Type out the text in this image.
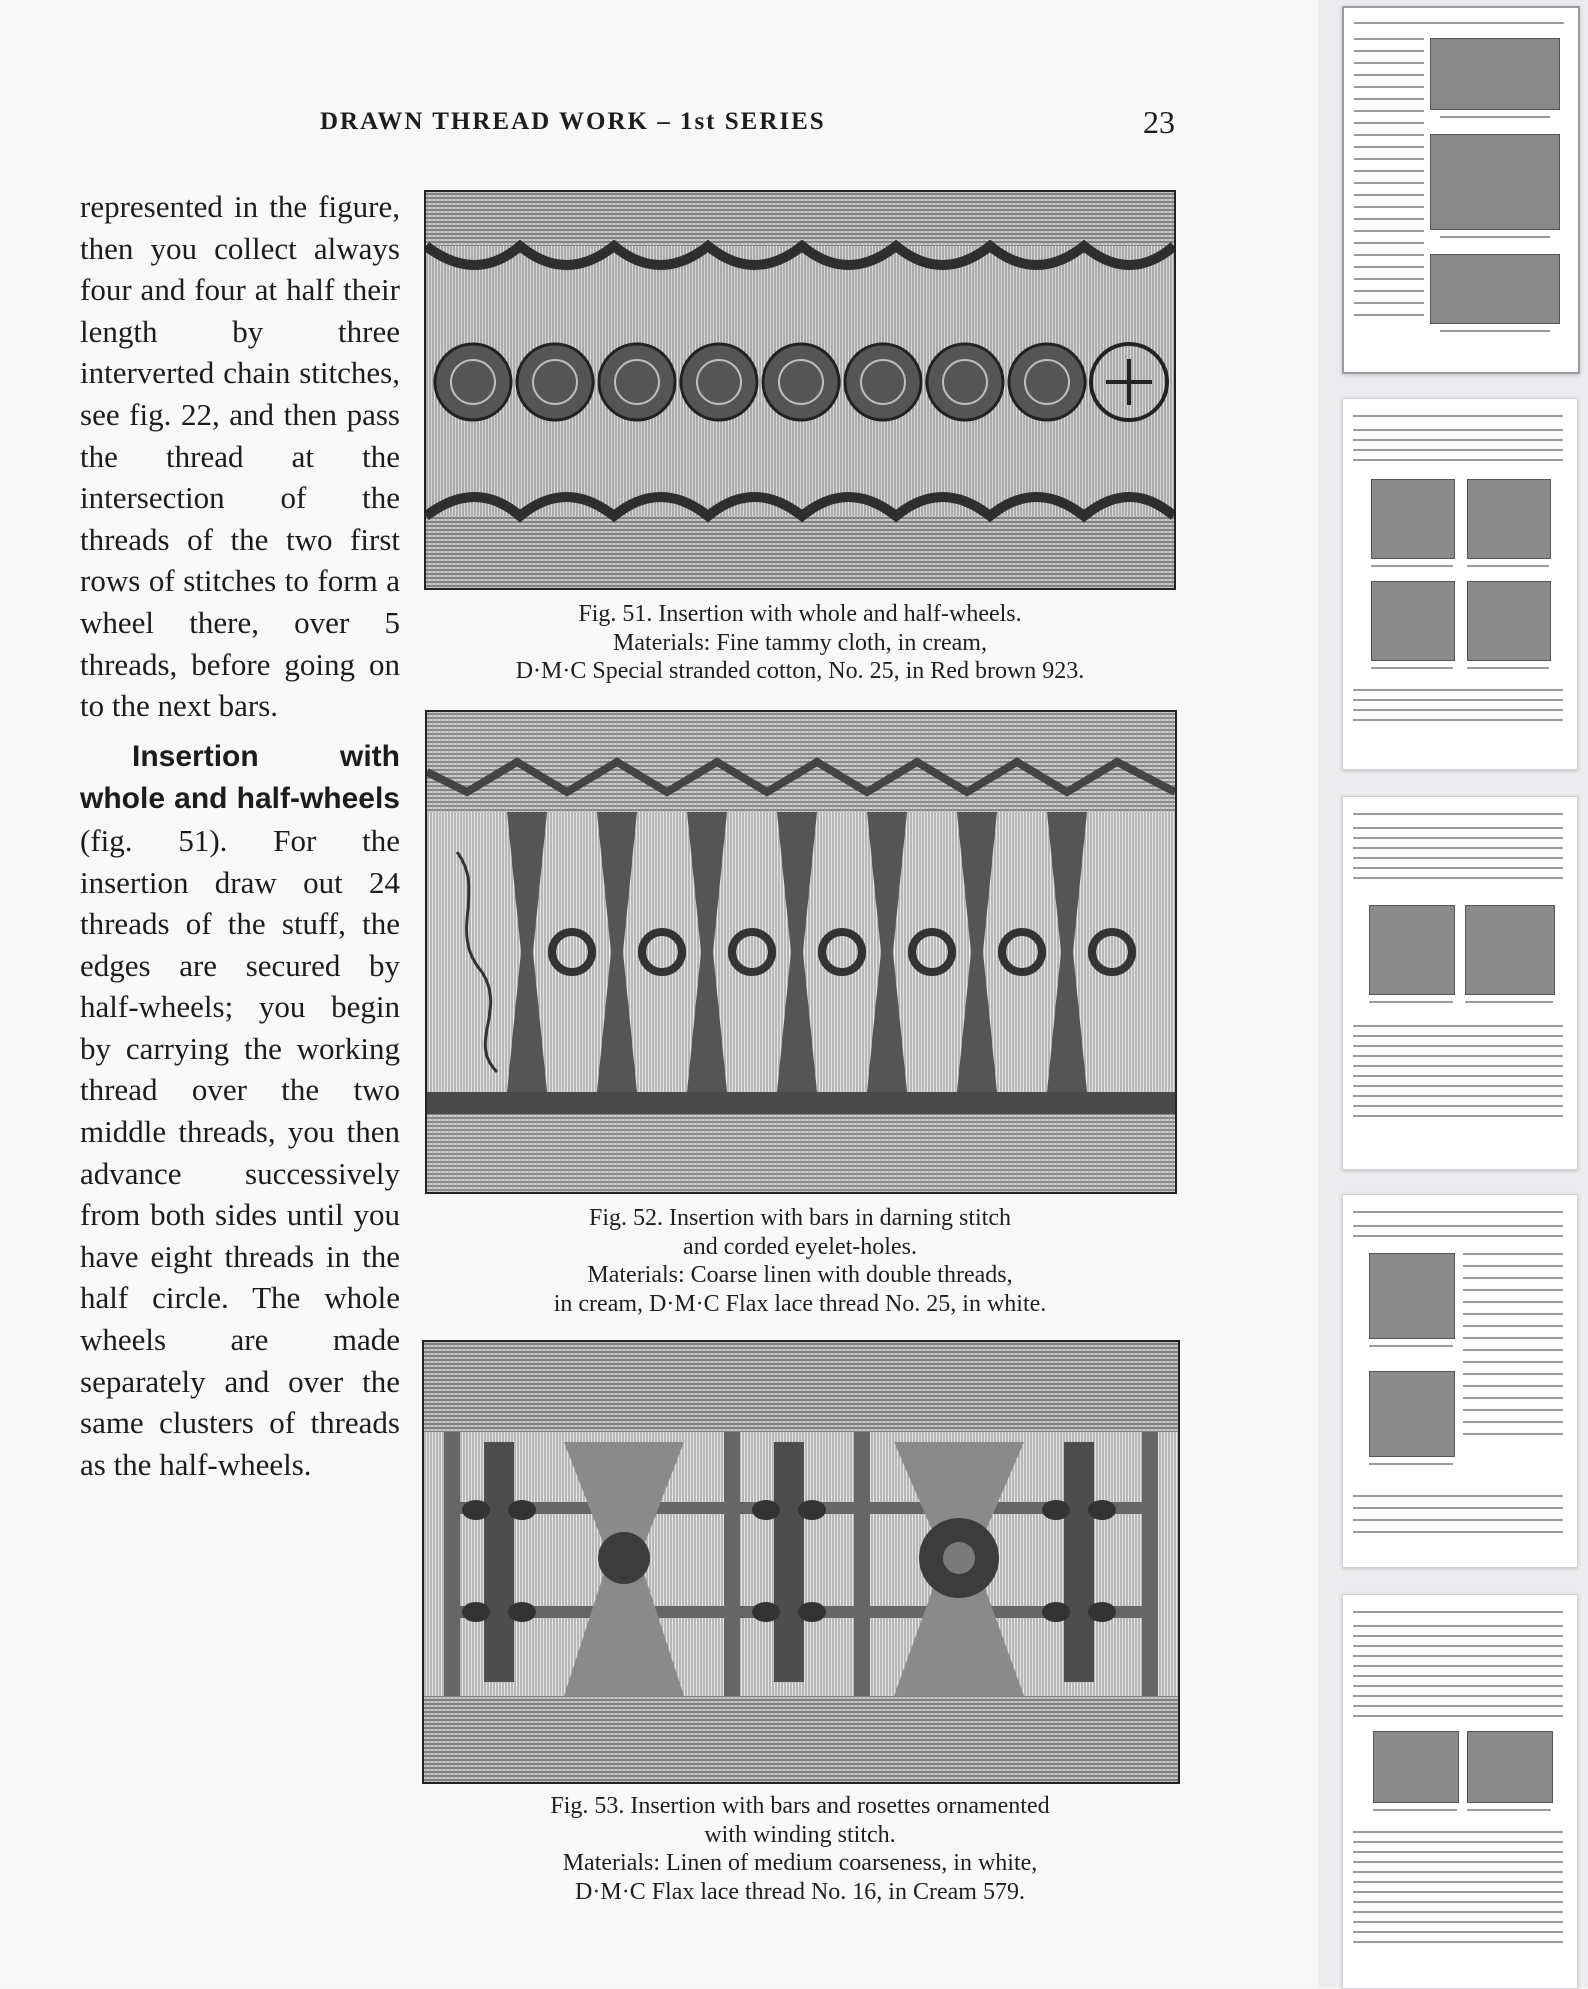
DRAWN THREAD WORK – 1st SERIES	23

represented in the figure, then you collect always four and four at half their length by three interverted chain stitches, see fig. 22, and then pass the thread at the intersection of the threads of the two first rows of stitches to form a wheel there, over 5 threads, before going on to the next bars.

Insertion with whole and half-wheels (fig. 51). For the insertion draw out 24 threads of the stuff, the edges are secured by half-wheels; you begin by carrying the working thread over the two middle threads, you then advance successively from both sides until you have eight threads in the half circle. The whole wheels are made separately and over the same clusters of threads as the half-wheels.

Fig. 51. Insertion with whole and half-wheels.
Materials: Fine tammy cloth, in cream,
D·M·C Special stranded cotton, No. 25, in Red brown 923.
Fig. 52. Insertion with bars in darning stitch
and corded eyelet-holes.
Materials: Coarse linen with double threads,
in cream, D·M·C Flax lace thread No. 25, in white.
Fig. 53. Insertion with bars and rosettes ornamented
with winding stitch.
Materials: Linen of medium coarseness, in white,
D·M·C Flax lace thread No. 16, in Cream 579.
